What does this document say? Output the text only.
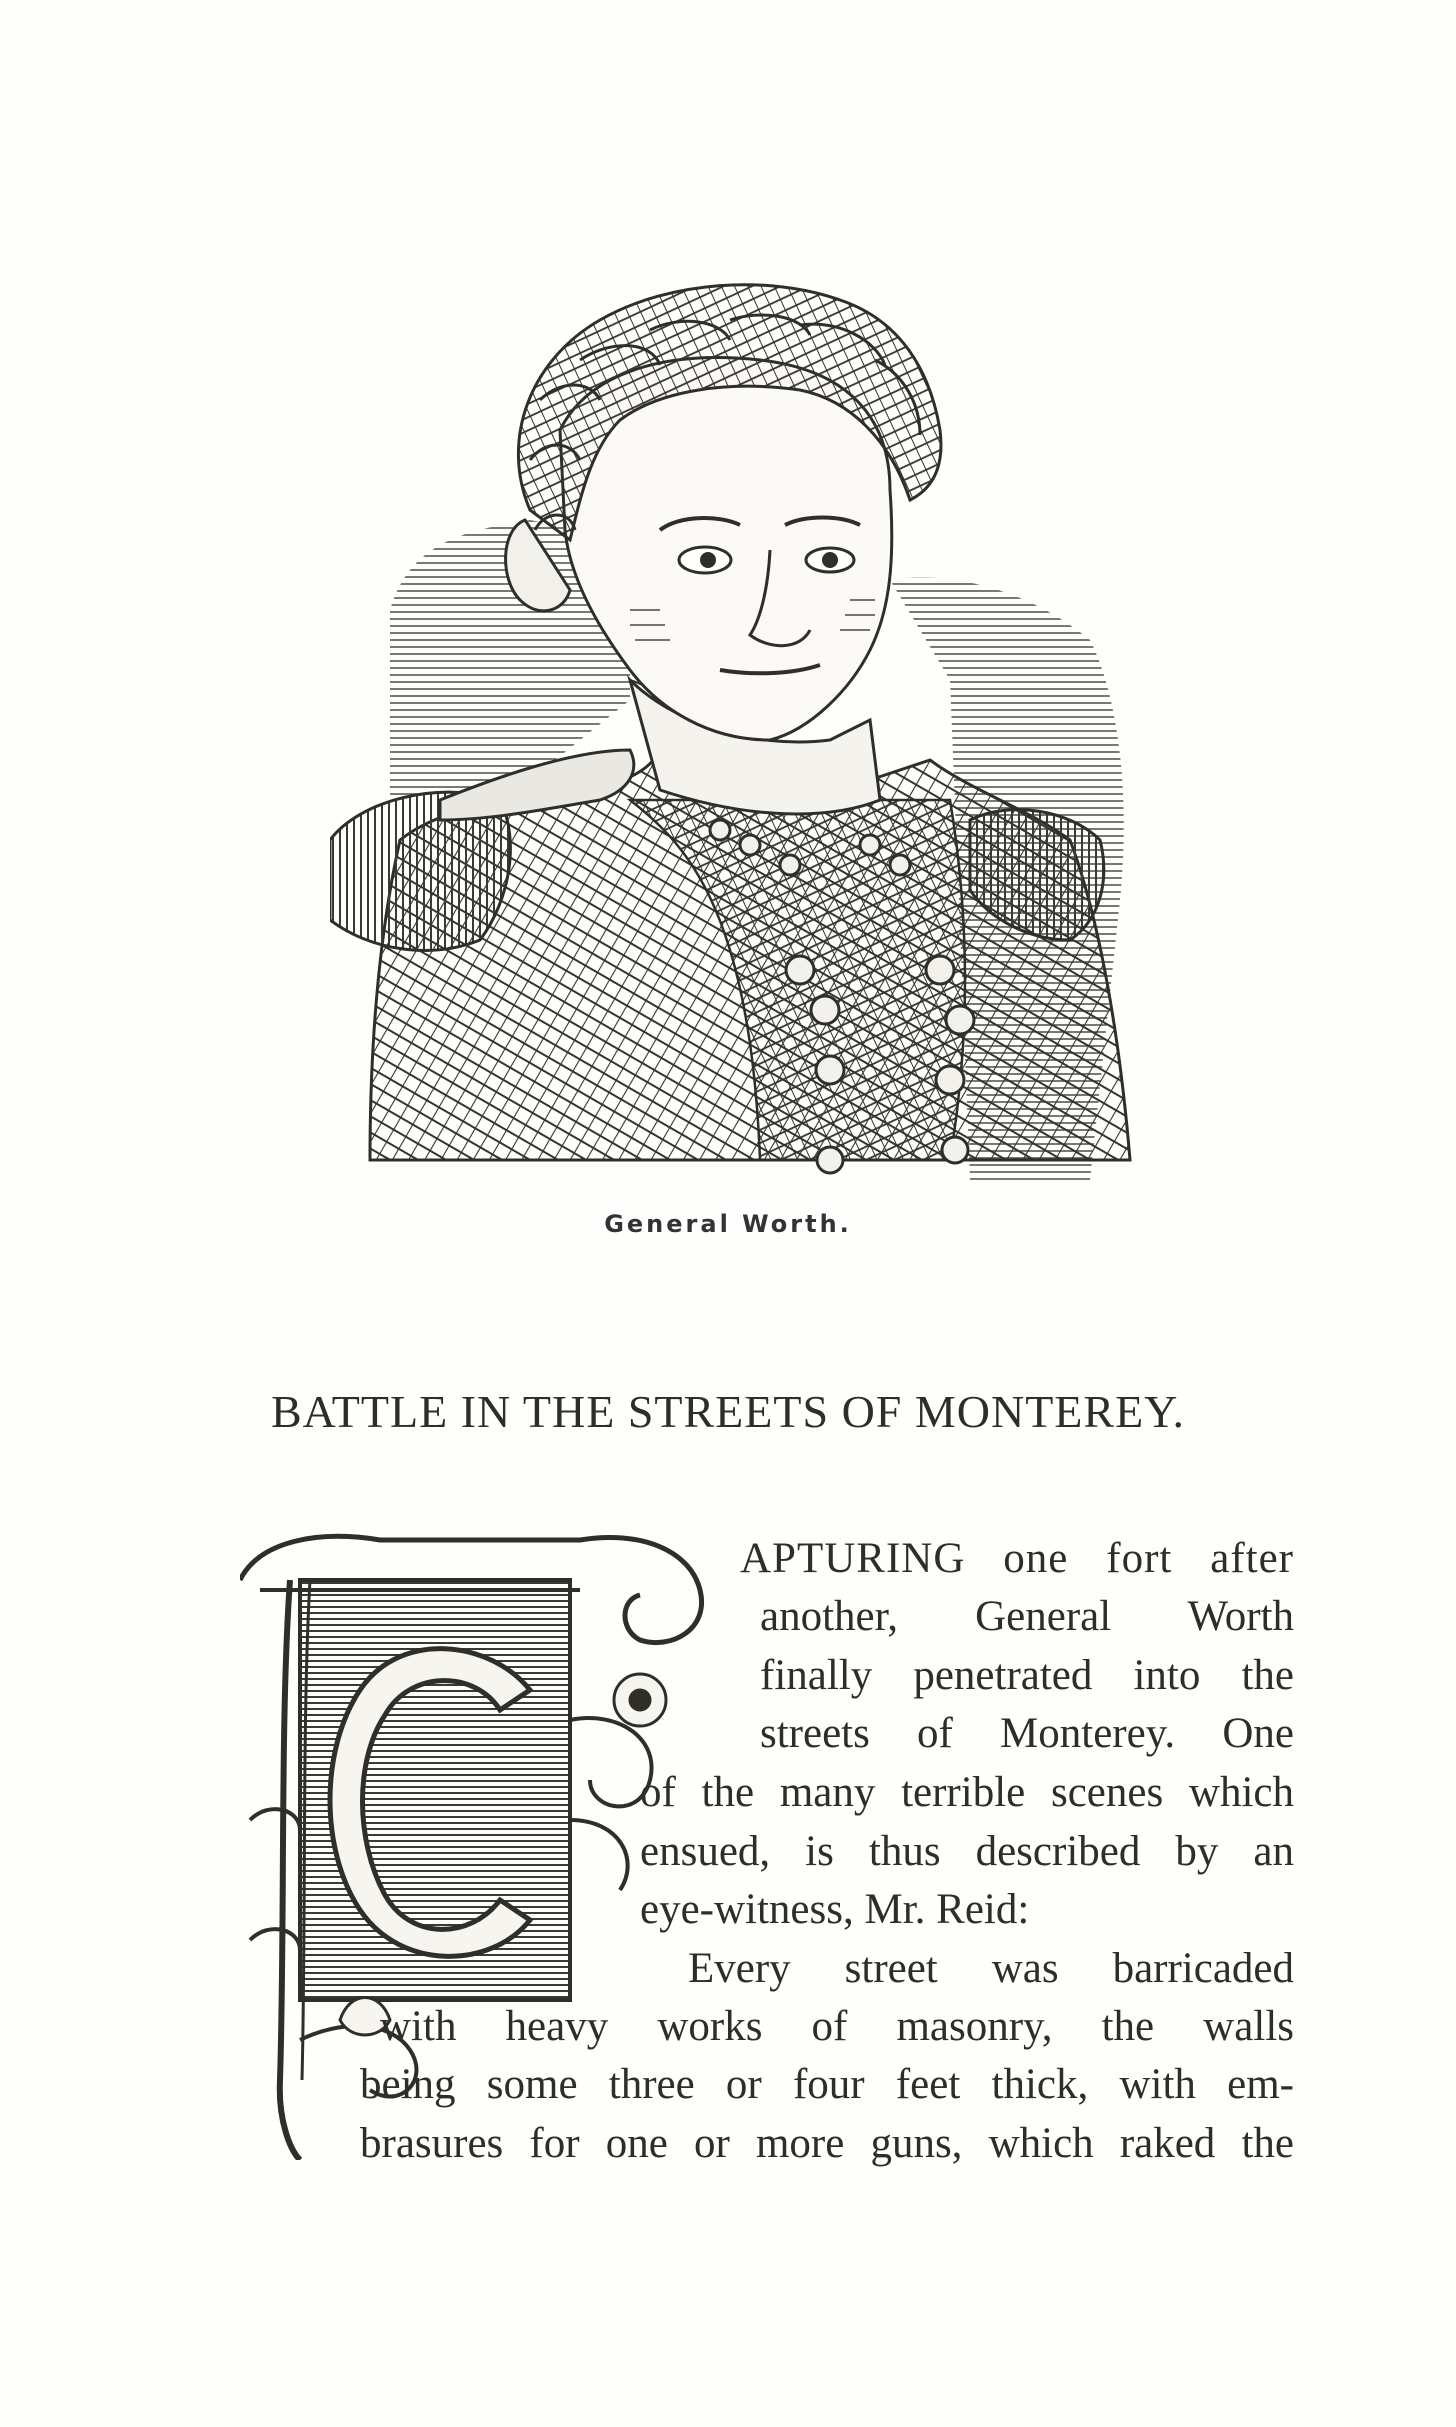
General Worth.
BATTLE IN THE STREETS OF MONTEREY.
APTURING one fort after
another, General Worth
finally penetrated into the
streets of Monterey. One
of the many terrible scenes which
ensued, is thus described by an
eye-witness, Mr. Reid:
Every street was barricaded
with heavy works of masonry, the walls
being some three or four feet thick, with em-
brasures for one or more guns, which raked the
